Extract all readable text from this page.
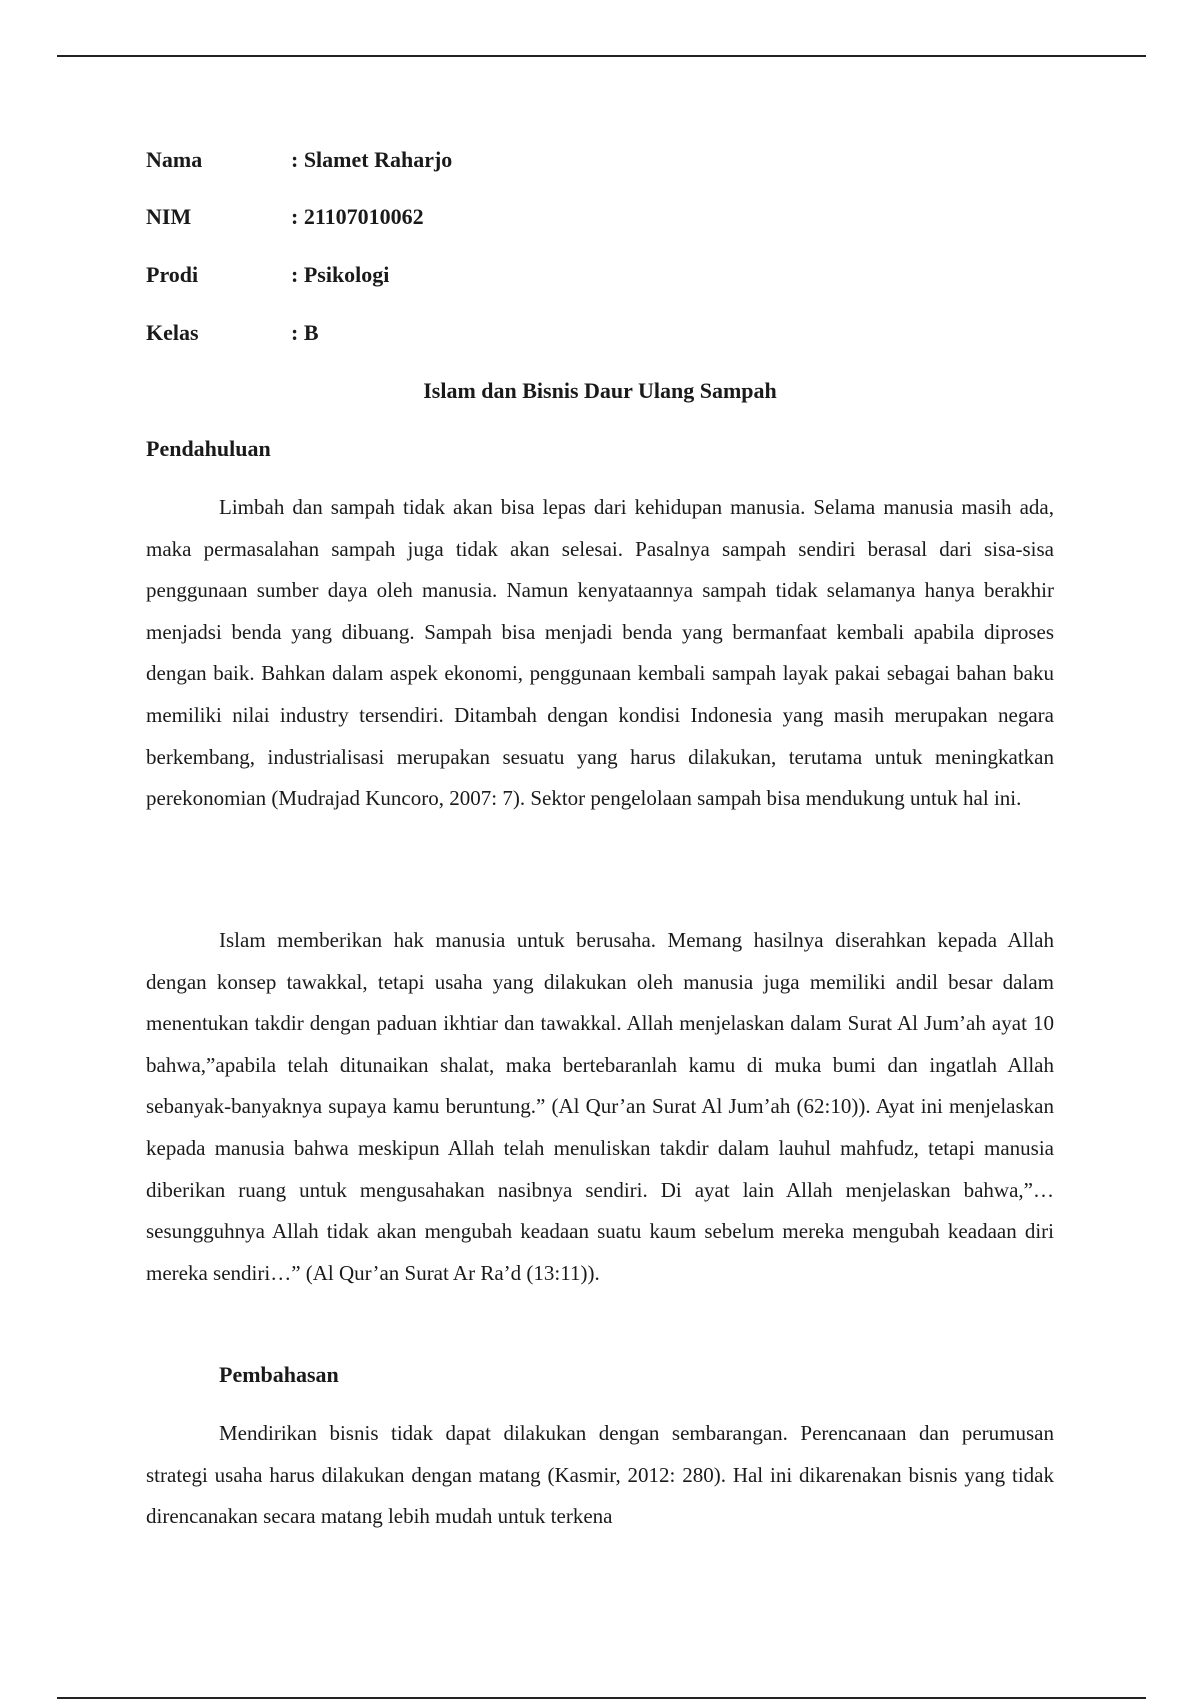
Nama	: Slamet Raharjo
NIM	: 21107010062
Prodi	: Psikologi
Kelas	: B
Islam dan Bisnis Daur Ulang Sampah
Pendahuluan

Limbah dan sampah tidak akan bisa lepas dari kehidupan manusia. Selama manusia masih ada, maka permasalahan sampah juga tidak akan selesai. Pasalnya sampah sendiri berasal dari sisa-sisa penggunaan sumber daya oleh manusia. Namun kenyataannya sampah tidak selamanya hanya berakhir menjadsi benda yang dibuang. Sampah bisa menjadi benda yang bermanfaat kembali apabila diproses dengan baik. Bahkan dalam aspek ekonomi, penggunaan kembali sampah layak pakai sebagai bahan baku memiliki nilai industry tersendiri. Ditambah dengan kondisi Indonesia yang masih merupakan negara berkembang, industrialisasi merupakan sesuatu yang harus dilakukan, terutama untuk meningkatkan perekonomian (Mudrajad Kuncoro, 2007: 7). Sektor pengelolaan sampah bisa mendukung untuk hal ini.

Islam memberikan hak manusia untuk berusaha. Memang hasilnya diserahkan kepada Allah dengan konsep tawakkal, tetapi usaha yang dilakukan oleh manusia juga memiliki andil besar dalam menentukan takdir dengan paduan ikhtiar dan tawakkal. Allah menjelaskan dalam Surat Al Jum’ah ayat 10 bahwa,”apabila telah ditunaikan shalat, maka bertebaranlah kamu di muka bumi dan ingatlah Allah sebanyak-banyaknya supaya kamu beruntung.” (Al Qur’an Surat Al Jum’ah (62:10)). Ayat ini menjelaskan kepada manusia bahwa meskipun Allah telah menuliskan takdir dalam lauhul mahfudz, tetapi manusia diberikan ruang untuk mengusahakan nasibnya sendiri. Di ayat lain Allah menjelaskan bahwa,”…sesungguhnya Allah tidak akan mengubah keadaan suatu kaum sebelum mereka mengubah keadaan diri mereka sendiri…” (Al Qur’an Surat Ar Ra’d (13:11)).

Pembahasan

Mendirikan bisnis tidak dapat dilakukan dengan sembarangan. Perencanaan dan perumusan strategi usaha harus dilakukan dengan matang (Kasmir, 2012: 280). Hal ini dikarenakan bisnis yang tidak direncanakan secara matang lebih mudah untuk terkena
